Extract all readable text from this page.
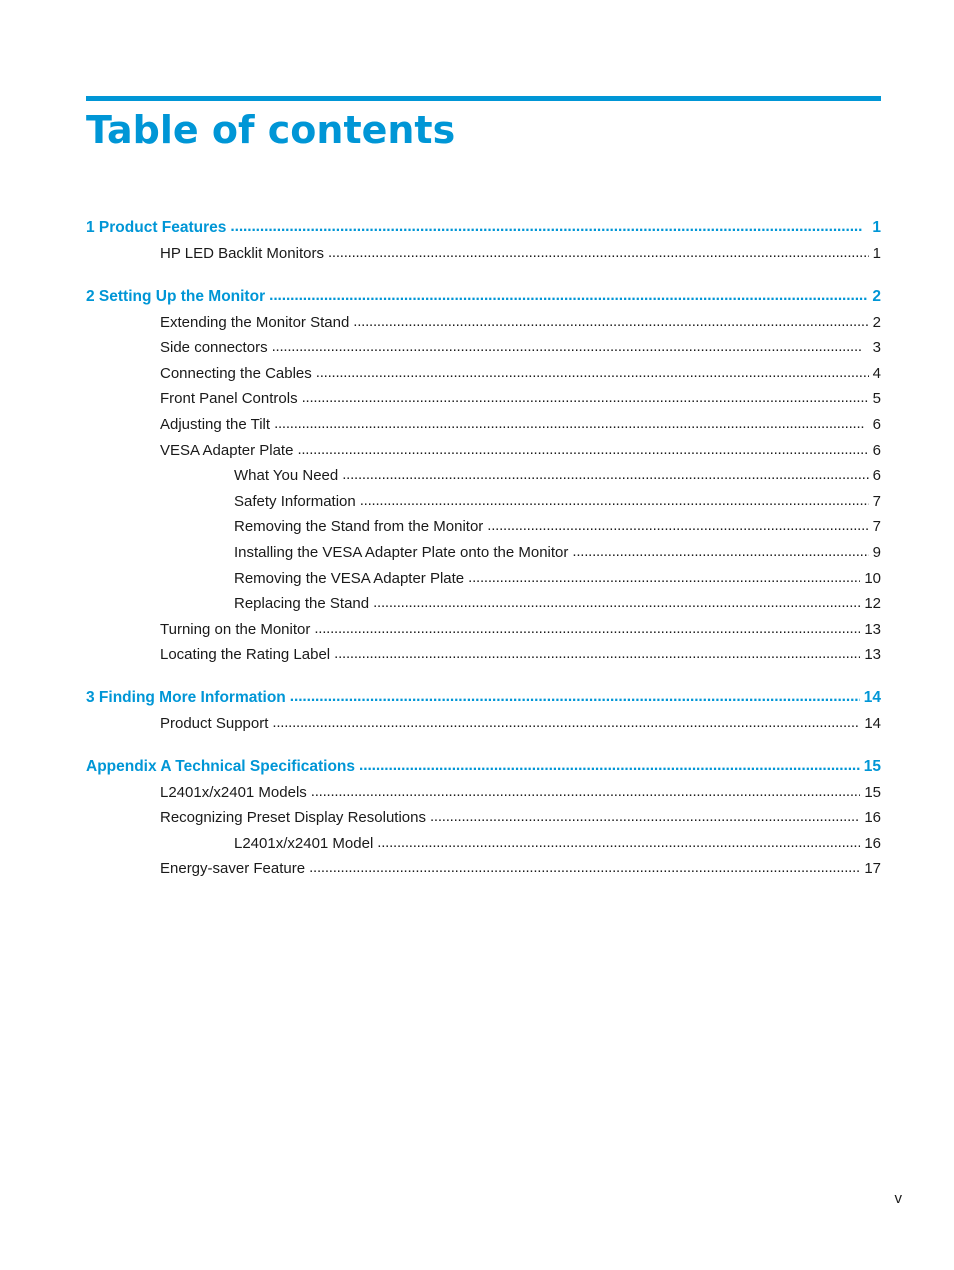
Table of contents
1 Product Features . . .	1
HP LED Backlit Monitors . . .	1
2 Setting Up the Monitor . . .	2
Extending the Monitor Stand . . .	2
Side connectors . . .	3
Connecting the Cables . . .	4
Front Panel Controls . . .	5
Adjusting the Tilt . . .	6
VESA Adapter Plate . . .	6
What You Need . . .	6
Safety Information . . .	7
Removing the Stand from the Monitor . . .	7
Installing the VESA Adapter Plate onto the Monitor . . .	9
Removing the VESA Adapter Plate . . .	10
Replacing the Stand . . .	12
Turning on the Monitor . . .	13
Locating the Rating Label . . .	13
3 Finding More Information . . .	14
Product Support . . .	14
Appendix A Technical Specifications . . .	15
L2401x/x2401 Models . . .	15
Recognizing Preset Display Resolutions . . .	16
L2401x/x2401 Model . . .	16
Energy-saver Feature . . .	17
v
